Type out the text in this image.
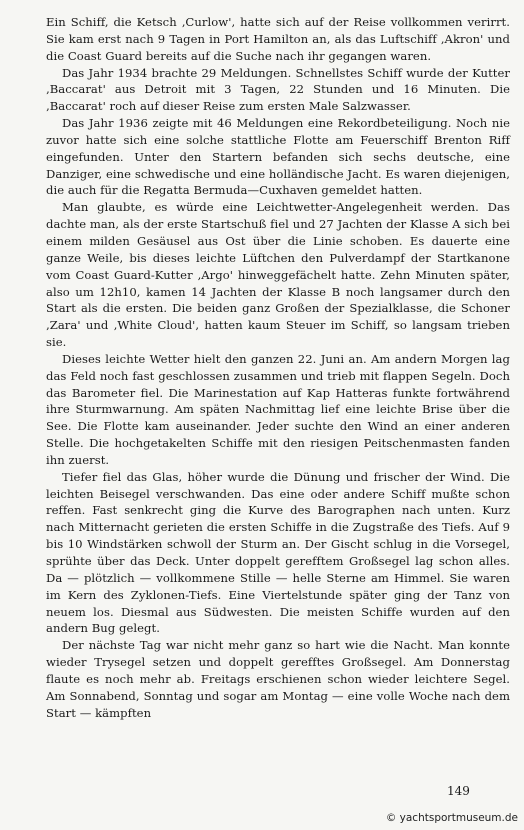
Ein Schiff, die Ketsch ‚Curlow', hatte sich auf der Reise vollkommen verirrt. Sie kam erst nach 9 Tagen in Port Hamilton an, als das Luftschiff ‚Akron' und die Coast Guard bereits auf die Suche nach ihr gegangen waren.

Das Jahr 1934 brachte 29 Meldungen. Schnellstes Schiff wurde der Kutter ‚Baccarat' aus Detroit mit 3 Tagen, 22 Stunden und 16 Minuten. Die ‚Baccarat' roch auf dieser Reise zum ersten Male Salzwasser.

Das Jahr 1936 zeigte mit 46 Meldungen eine Rekordbeteiligung. Noch nie zuvor hatte sich eine solche stattliche Flotte am Feuerschiff Brenton Riff eingefunden. Unter den Startern befanden sich sechs deutsche, eine Danziger, eine schwedische und eine holländische Jacht. Es waren diejenigen, die auch für die Regatta Bermuda—Cuxhaven gemeldet hatten.

Man glaubte, es würde eine Leichtwetter-Angelegenheit werden. Das dachte man, als der erste Startschuß fiel und 27 Jachten der Klasse A sich bei einem milden Gesäusel aus Ost über die Linie schoben. Es dauerte eine ganze Weile, bis dieses leichte Lüftchen den Pulverdampf der Startkanone vom Coast Guard-Kutter ‚Argo' hinweggefächelt hatte. Zehn Minuten später, also um 12h10, kamen 14 Jachten der Klasse B noch langsamer durch den Start als die ersten. Die beiden ganz Großen der Spezialklasse, die Schoner ‚Zara' und ‚White Cloud', hatten kaum Steuer im Schiff, so langsam trieben sie.

Dieses leichte Wetter hielt den ganzen 22. Juni an. Am andern Morgen lag das Feld noch fast geschlossen zusammen und trieb mit flappen Segeln. Doch das Barometer fiel. Die Marinestation auf Kap Hatteras funkte fortwährend ihre Sturmwarnung. Am späten Nachmittag lief eine leichte Brise über die See. Die Flotte kam auseinander. Jeder suchte den Wind an einer anderen Stelle. Die hochgetakelten Schiffe mit den riesigen Peitschenmasten fanden ihn zuerst.

Tiefer fiel das Glas, höher wurde die Dünung und frischer der Wind. Die leichten Beisegel verschwanden. Das eine oder andere Schiff mußte schon reffen. Fast senkrecht ging die Kurve des Barographen nach unten. Kurz nach Mitternacht gerieten die ersten Schiffe in die Zugstraße des Tiefs. Auf 9 bis 10 Windstärken schwoll der Sturm an. Der Gischt schlug in die Vorsegel, sprühte über das Deck. Unter doppelt gerefftem Großsegel lag schon alles. Da — plötzlich — vollkommene Stille — helle Sterne am Himmel. Sie waren im Kern des Zyklonen-Tiefs. Eine Viertelstunde später ging der Tanz von neuem los. Diesmal aus Südwesten. Die meisten Schiffe wurden auf den andern Bug gelegt.

Der nächste Tag war nicht mehr ganz so hart wie die Nacht. Man konnte wieder Trysegel setzen und doppelt gerefftes Großsegel. Am Donnerstag flaute es noch mehr ab. Freitags erschienen schon wieder leichtere Segel. Am Sonnabend, Sonntag und sogar am Montag — eine volle Woche nach dem Start — kämpften

149
© yachtsportmuseum.de
